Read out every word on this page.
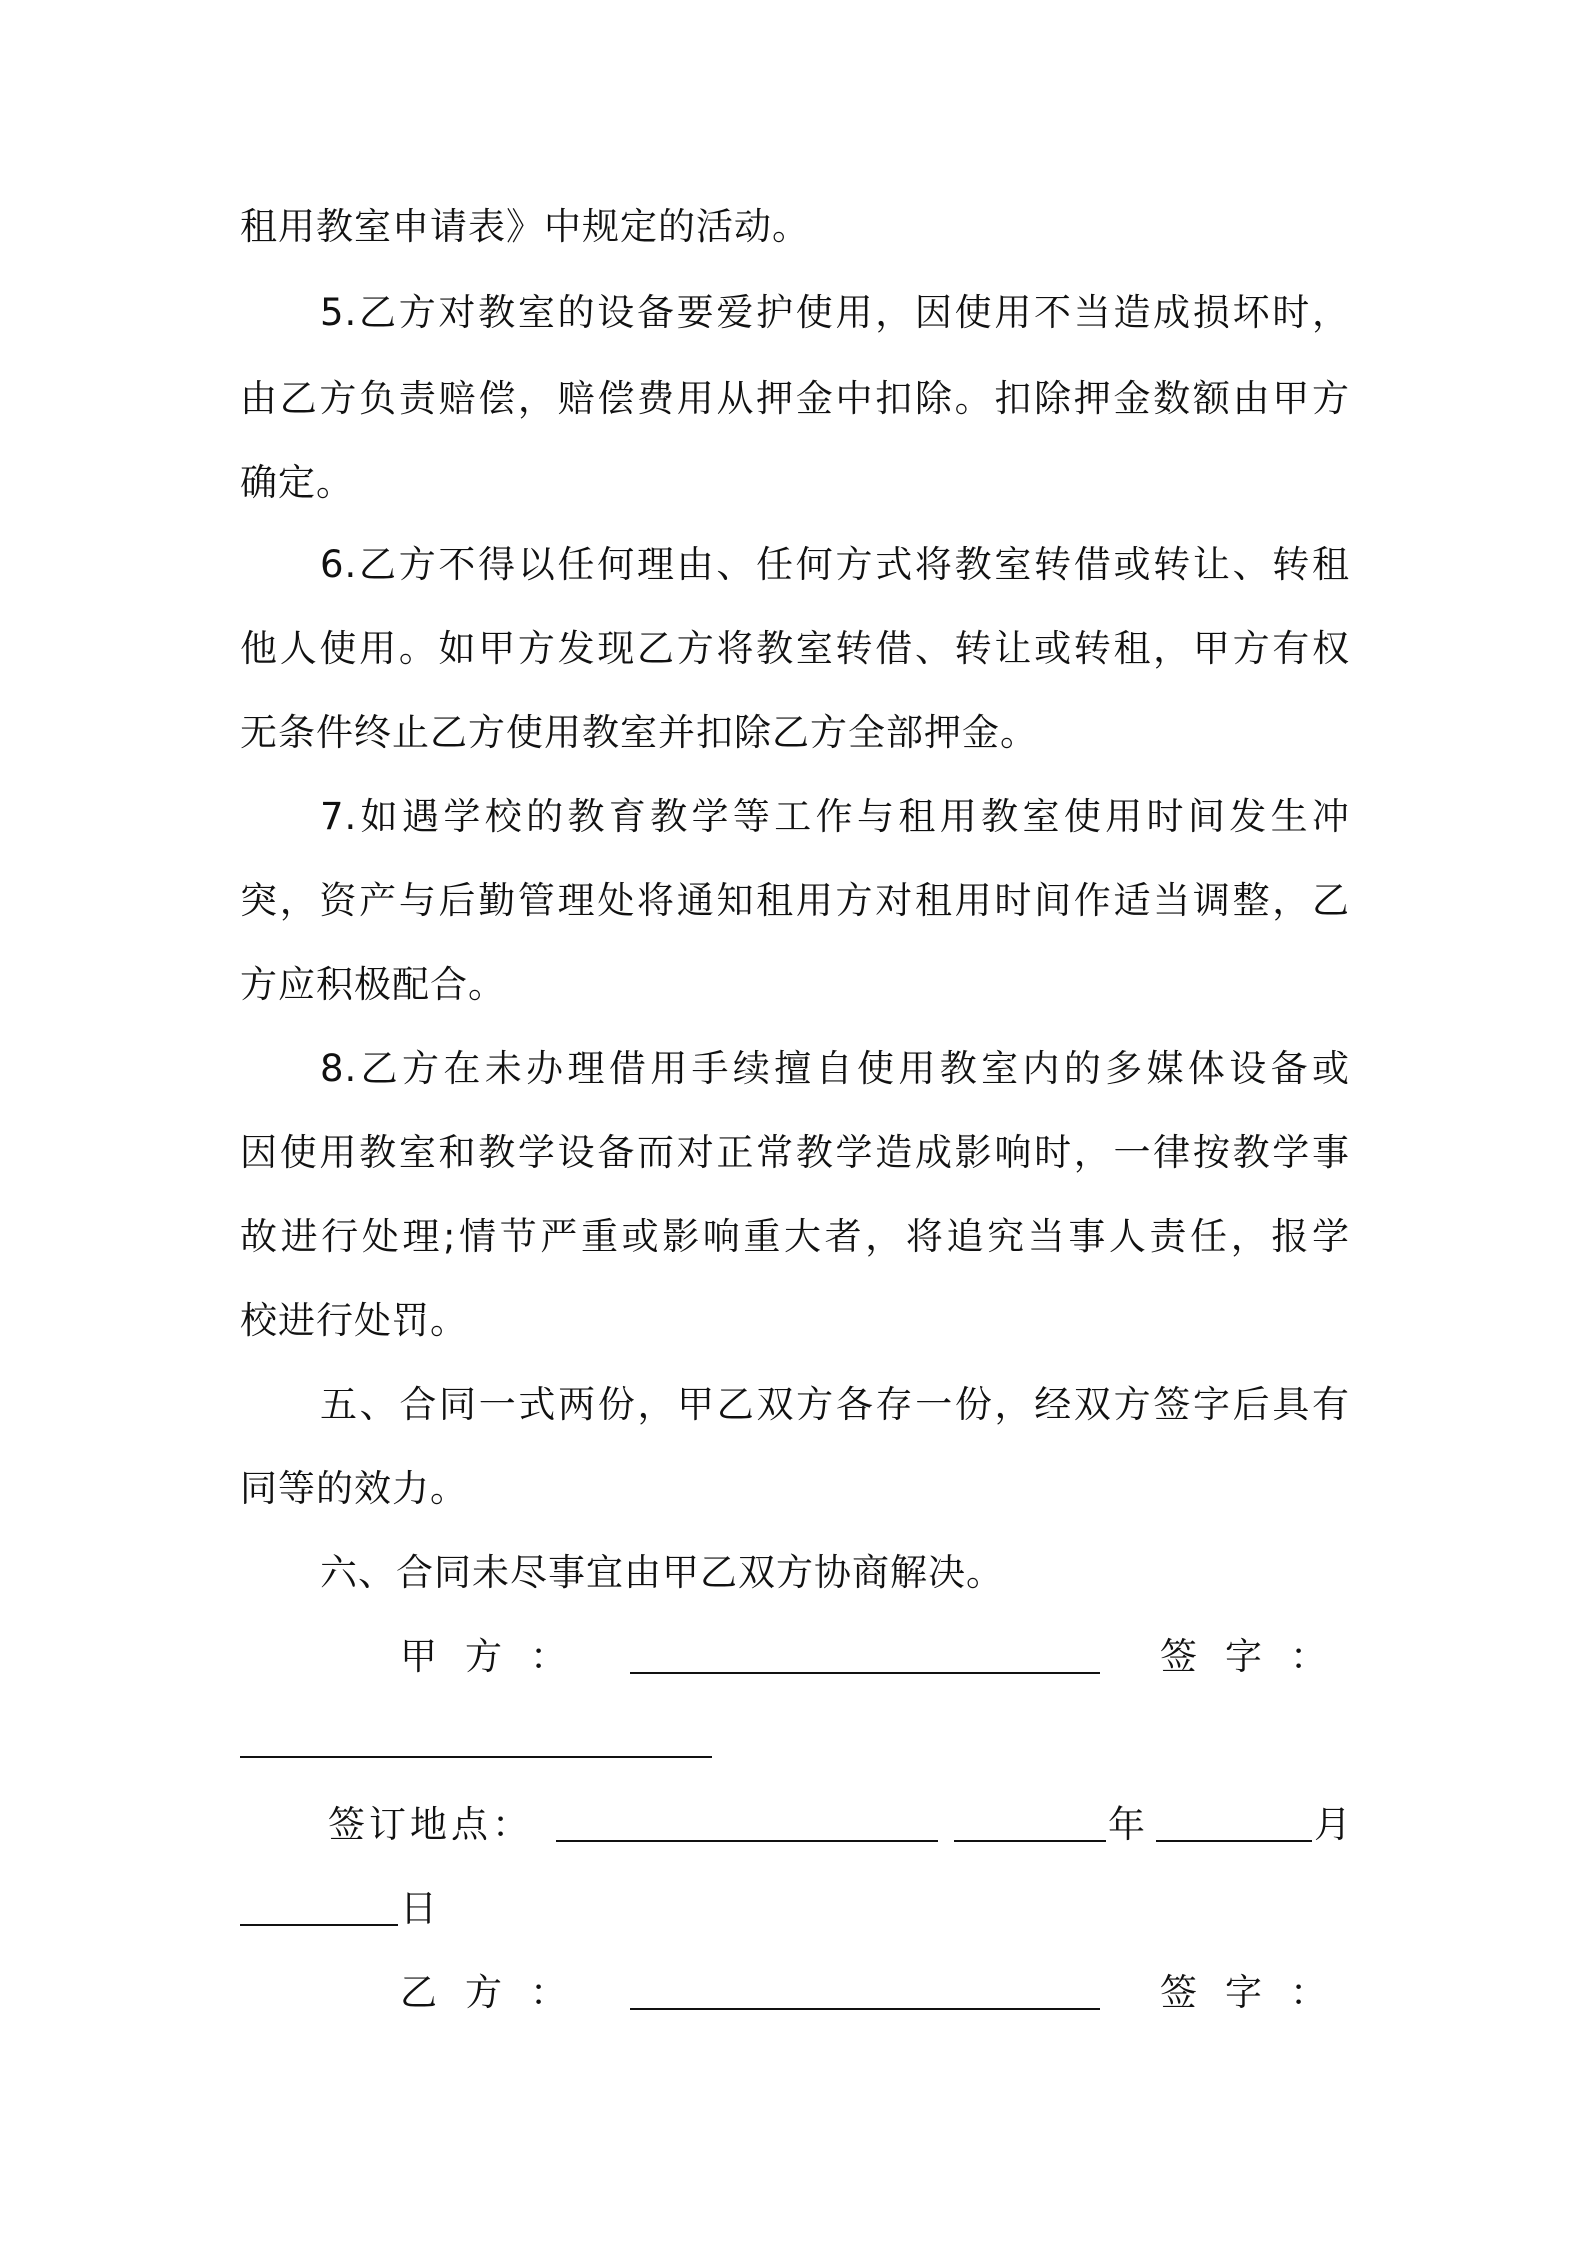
租用教室申请表》中规定的活动。
5.乙方对教室的设备要爱护使用，因使用不当造成损坏时，
由乙方负责赔偿，赔偿费用从押金中扣除。扣除押金数额由甲方
确定。
6.乙方不得以任何理由、任何方式将教室转借或转让、转租
他人使用。如甲方发现乙方将教室转借、转让或转租，甲方有权
无条件终止乙方使用教室并扣除乙方全部押金。
7.如遇学校的教育教学等工作与租用教室使用时间发生冲
突，资产与后勤管理处将通知租用方对租用时间作适当调整，乙
方应积极配合。
8.乙方在未办理借用手续擅自使用教室内的多媒体设备或
因使用教室和教学设备而对正常教学造成影响时，一律按教学事
故进行处理;情节严重或影响重大者，将追究当事人责任，报学
校进行处罚。
五、合同一式两份，甲乙双方各存一份，经双方签字后具有
同等的效力。
六、合同未尽事宜由甲乙双方协商解决。
甲方：	签字：
签订地点：	年	月
日
乙方：	签字：
